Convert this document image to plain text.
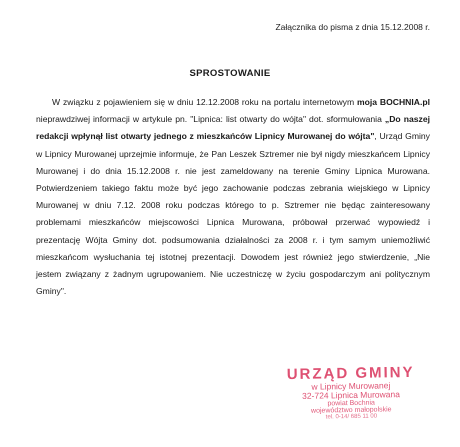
Załącznika do pisma z dnia 15.12.2008 r.
SPROSTOWANIE

W związku z pojawieniem się w dniu 12.12.2008 roku na portalu internetowym moja BOCHNIA.pl nieprawdziwej informacji w artykule pn. "Lipnica: list otwarty do wójta" dot. sformułowania „Do naszej redakcji wpłynął list otwarty jednego z mieszkańców Lipnicy Murowanej do wójta", Urząd Gminy w Lipnicy Murowanej uprzejmie informuje, że Pan Leszek Sztremer nie był nigdy mieszkańcem Lipnicy Murowanej i do dnia 15.12.2008 r. nie jest zameldowany na terenie Gminy Lipnica Murowana. Potwierdzeniem takiego faktu może być jego zachowanie podczas zebrania wiejskiego w Lipnicy Murowanej w dniu 7.12. 2008 roku podczas którego to p. Sztremer nie będąc zainteresowany problemami mieszkańców miejscowości Lipnica Murowana, próbował przerwać wypowiedź i prezentację Wójta Gminy dot. podsumowania działalności za 2008 r. i tym samym uniemożliwić mieszkańcom wysłuchania tej istotnej prezentacji. Dowodem jest również jego stwierdzenie, „Nie jestem związany z żadnym ugrupowaniem. Nie uczestniczę w życiu gospodarczym ani politycznym Gminy".

URZĄD GMINY
w Lipnicy Murowanej
32-724 Lipnica Murowana
powiat Bochnia
województwo małopolskie
tel. 0-14/ 685 11 00
